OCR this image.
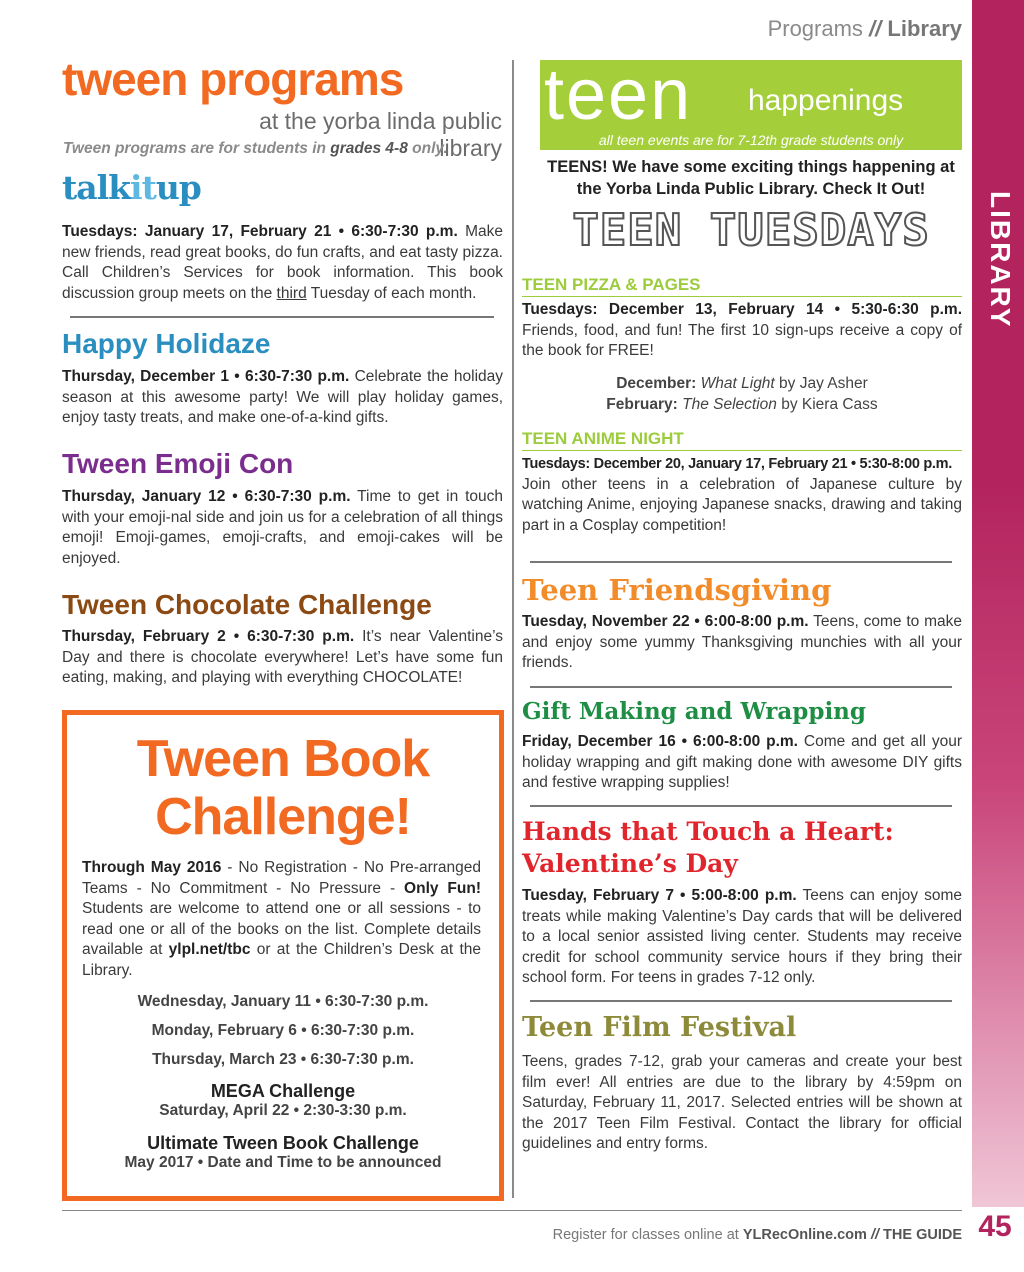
Programs // Library
LIBRARY
tween programs
at the yorba linda public library
Tween programs are for students in grades 4-8 only.
talkitup

Tuesdays: January 17, February 21 • 6:30-7:30 p.m. Make new friends, read great books, do fun crafts, and eat tasty pizza. Call Children’s Services for book information. This book discussion group meets on the third Tuesday of each month.

Happy Holidaze

Thursday, December 1 • 6:30-7:30 p.m. Celebrate the holiday season at this awesome party! We will play holiday games, enjoy tasty treats, and make one-of-a-kind gifts.

Tween Emoji Con

Thursday, January 12 • 6:30-7:30 p.m. Time to get in touch with your emoji-nal side and join us for a celebration of all things emoji! Emoji-games, emoji-crafts, and emoji-cakes will be enjoyed.

Tween Chocolate Challenge

Thursday, February 2 • 6:30-7:30 p.m. It’s near Valentine’s Day and there is chocolate everywhere! Let’s have some fun eating, making, and playing with everything CHOCOLATE!

Tween Book
Challenge!

Through May 2016 - No Registration - No Pre-arranged Teams - No Commitment - No Pressure - Only Fun! Students are welcome to attend one or all sessions - to read one or all of the books on the list. Complete details available at ylpl.net/tbc or at the Children’s Desk at the Library.

Wednesday, January 11 • 6:30-7:30 p.m.
Monday, February 6 • 6:30-7:30 p.m.
Thursday, March 23 • 6:30-7:30 p.m.
MEGA Challenge
Saturday, April 22 • 2:30-3:30 p.m.
Ultimate Tween Book Challenge
May 2017 • Date and Time to be announced
teen happenings
all teen events are for 7-12th grade students only
TEENS! We have some exciting things happening at the Yorba Linda Public Library. Check It Out!
TEEN TUESDAYS
TEEN PIZZA & PAGES

Tuesdays: December 13, February 14 • 5:30-6:30 p.m. Friends, food, and fun! The first 10 sign-ups receive a copy of the book for FREE!

December: What Light by Jay Asher
February: The Selection by Kiera Cass
TEEN ANIME NIGHT

Tuesdays: December 20, January 17, February 21 • 5:30-8:00 p.m.
Join other teens in a celebration of Japanese culture by watching Anime, enjoying Japanese snacks, drawing and taking part in a Cosplay competition!

Teen Friendsgiving

Tuesday, November 22 • 6:00-8:00 p.m. Teens, come to make and enjoy some yummy Thanksgiving munchies with all your friends.

Gift Making and Wrapping

Friday, December 16 • 6:00-8:00 p.m. Come and get all your holiday wrapping and gift making done with awesome DIY gifts and festive wrapping supplies!

Hands that Touch a Heart:
Valentine’s Day

Tuesday, February 7 • 5:00-8:00 p.m. Teens can enjoy some treats while making Valentine’s Day cards that will be delivered to a local senior assisted living center. Students may receive credit for school community service hours if they bring their school form. For teens in grades 7-12 only.

Teen Film Festival

Teens, grades 7-12, grab your cameras and create your best film ever! All entries are due to the library by 4:59pm on Saturday, February 11, 2017. Selected entries will be shown at the 2017 Teen Film Festival. Contact the library for official guidelines and entry forms.

Register for classes online at YLRecOnline.com // THE GUIDE 45
